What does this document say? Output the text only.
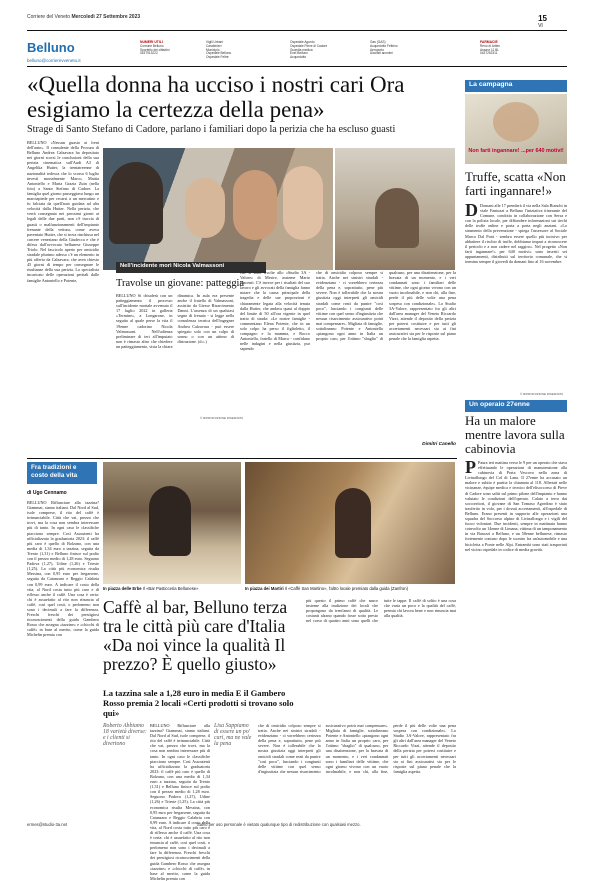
Corriere del Veneto Mercoledì 27 Settembre 2023	15
VI
Belluno
belluno@corrierevveneto.it
NUMERI UTILI
Comune Belluno
Sportello dei cittadini
0437913222
Vigili Urbani
Carabinieri
Municipio
Ospedale Belluno
Ospedale Feltre
Ospedale Agordo
Ospedale Pieve di Cadore
Guardia medica
Enel Belluno
Acquedotto
Gas (GAS)
Acquedotto Feltrino
Aeroporto
Alcolisti anonimi
FARMACIE
Reno di Artien
Aracne 11 BL
0437252311
«Quella donna ha ucciso i nostri cari Ora esigiamo la certezza della pena»
Strage di Santo Stefano di Cadore, parlano i familiari dopo la perizia che ha escluso guasti
BELLUNO «Nessun guasto ai freni dell'auto». Il consulente della Procura di Belluno Andrea Calzavara ha depositato nei giorni scorsi le conclusioni della sua perizia cinematica sull'Audi A3 di Angelika Hutter, la trentatreenne di nazionalità tedesca che lo scorso 6 luglio investì mortalmente Marco, Mattia Antoniello e Maria Grazia Zuin (nella foto) a Santo Stefano di Cadore. La famiglia quel giorno passeggiava lungo un marciapiede per recarsi a un mercatino e fu falciata da quell'auto guidata ad alta velocità dalla Hutter. Nella perizia, che verrà consegnata nei prossimi giorni ai legali delle due parti, non c'è traccia di guasti o malfunzionamenti dell'impianto frenante della vettura, come aveva paventato Hutter, che si trova rinchiusa nel carcere veneziano della Giudecca e che è difesa dall'avvocato bellunese Giuseppe Triolo. Nel fascicolo aperto per omicidio stradale plurimo adesso c'è un elemento in più offerto da Calzavara, che avea chiesto 45 giorni di tempo per consegnare le risultanze della sua perizia. Lo specialista incaricato delle operazioni peritali dalle famiglie Antoniello e Potente,
Nell'incidente morì Nicola Valmassoni
Travolse un giovane: patteggia
BELLUNO Si chiuderà con un patteggiamento il processo sull'incidente mortale avvenuto il 17 luglio 2022 in galleria «Termine», a Longarone, in seguito al quale perse la vita il 19enne cadorino Nicola Valmassoni. Nell'udienza preliminare di ieri all'imputato non è rimasto altro che chiedere un patteggiamento, vista la chiara dinamica. In aula era presente anche il fratello di Valmassoni, assistito da Giesse Risarcimento Danni. L'assenza di un qualsiasi segno di frenata - si legge nella consulenza tecnica dell'ingegner Andrea Calzavara - può essere spiegato solo con un colpo di sonno o con un attimo di distrazione. (d.c.)
© RIPRODUZIONE RISERVATA
che si sono rivolte allo «Studio 3A - Valore» di Mestre, assieme Mario Piacenti. C'è invece per i risultati del suo lavoro e gli avvocati della famiglia fanno notare che la causa principale della tragedia e delle sue proporzioni è chiaramente legata alla velocità tenuta dalla Hutter, che andava quasi al doppio del limite di 50 all'ora vigente in quel tratto di strada: «Le nostre famiglie - commentano Elena Potente, che in un solo colpo ha perso il figlioletto, il compagno e la mamma, e Rocco Antoniello, fratello di Marco - confidano nelle indagini e nella giustizia, pur sapendo
che di omicidio colposo sempre si tratta. Anche nei sinistri stradali - evidenziano - ci vorrebbero certezza della pena e, soprattutto, pene più severe. Non è tollerabile che la nostra giustizia oggi interpreti gli omicidi stradali come reati da punire "così poco", lasciando i congiunti delle vittime con quel senso d'ingiustizia che nessun risarcimento assicurativo potrà mai compensare». Migliaia di famiglie, sottolineano Potente e Antoniello «piangono ogni anno in Italia un proprio caro, per l'ottimo "sbaglio" di qualcuno, per una disattenzione, per la bravata di un momento, e i veri condannati sono i familiari delle vittime, che ogni giorno vivono con un vuoto incolmabile, e non chi, alla fine, perde il più delle volte una pena sospesa con condizionale». Lo Studio 3A-Valore, rappresentato fra gli altri dall'area manager del Veneto Riccardo Vizzi, attende il deposito della perizia per potersi costituire e per tutti gli accertamenti necessari sia ai fini assicurativi sia per le risposte sul piano penale che la famiglia aspetta.
Dimitri Canello
La campagna
Non farti ingannare! ...per 640 motivi!
Truffe, scatta «Non farti ingannare!»
D Domani alle 17 prenderà il via nella Sala Bianchi in viale Fantuzzi a Belluno l'iniziativa itinerante del Comune, condotta in collaborazione con Sersa e con la polizia locale, per diffondere informazioni sui tiechi delle truffe online e porta a porta negli anziani. «Lo strumento della prevenzione - spiega l'assessore al Sociale Marco Dal Pont - sembra essere quello più incisivo per abbattere il rischio di truffe, dobbiamo impari a riconoscere il pericolo e a non cadere nel raggiro». Nel progetto «Non farti ingannare!» per 640 motivi» sono inseriti sei appuntamenti, distribuiti sul territorio comunale, che si termina sempre il giovedì da domani fino al 16 novembre.
© RIPRODUZIONE RISERVATA
Un operaio 27enne
Ha un malore mentre lavora sulla cabinovia
P Paura ieri mattina verso le 9 per un operaio che stava effettuando le operazioni di manutenzione alla cabinovia di Porta Vescovo nella zona di Livinallongo del Col di Lana. Il 27enne ha accusato un malore e subito è partita la chiamata al 118. Allertati nelle vicinanze, équipe medica e tecnico dell'elisoccorso di Pieve di Cadore sono saliti sul primo pilone dell'impianto e hanno valutato le condizioni dell'operaio. Calato a terra dai soccorritori, il giovane di San Tomaso Agordino è stato trasferito in volo, per i dovuti accertamenti, all'ospedale di Belluno. Erano presenti in supporto alle operazioni una squadra del Soccorso alpino di Livinallongo e i vigili del fuoco volontari. Due incidenti, sempre in mattinata hanno coinvolto un 14enne di Limana, vittima di un tamponamento in via Barozzi a Belluno, e un 50enne bellunese, rimasto fortemente contuso dopo le scontro fra un'automobile e una bicicletta a Ponte nelle Alpi. Entrambi sono stati trasportati nel vicino ospedale in codice di media gravità.
Fra tradizioni e costo della vita
di Ugo Cennamo
BELLUNO Riflunciare alla tazzina? Giammai, siamo italiani. Dal Nord al Sud, isole comprese, il rito del caffè è irrinunciabile. Città che vai, prezzo che trovi, ma la cosa non sembra interessare più di tanto. In ogni caso le classifiche piacciono sempre. Così Assoutenti ha ufficializzato la graduatoria 2023: il caffè più caro è quello di Bolzano, con una media di 1,34 euro a tazzina, seguita da Trento (1,31) e Belluno finisce sul podio con il prezzo medio di 1,28 euro. Seguono Padova (1,27), Udine (1,26) e Trieste (1,25). La città più economica risulta Messina, con 0,95 euro per fregarsene, seguita da Catanzaro e Reggio Calabria con 0,99 euro. A indicare il costo della vita, al Nord costa tutto più caro e di riflesso anche il caffè. Una cosa è certa: chi è assuefatto al rito non rinuncia al caffè, così quel costi, o perlomeno non sono i decimali a fare la differenza. Freschi freschi dei prestigiosi riconoscimenti della guida Gambero Rosso che assegna «tazzine» e «chicchi di caffè» in base al merito, come la guida Michelin premia con
In piazza delle Erbe Il «Bar Pasticceria Bellunese»	In piazza dei Martiri Il «Caffè San Martino», l'altro locale premiato dalla guida (Zanfron)
Caffè al bar, Belluno terza tra le città più care d'Italia «Da noi vince la qualità Il prezzo? È quello giusto»
più questo il primo caffè che nasce insieme alla tradizione dei locali che propongono da trent'anni di qualità. Le costanti alzano quando fosse sotto presto nel corso di quattro anni sono quelli che tutte le tappe. Il caffè di solito è una cosa che varia un poco e la qualità del caffè, premia chi lavora bene e non rinuncia mai alla qualità.
La tazzina sale a 1,28 euro in media E il Gambero Rosso premia 2 locali «Certi prodotti si trovano solo qui»
Roberto Abbiamo 18 varietà diverse: e i clienti si divertono
BELLUNO Riflunciare alla tazzina? Giammai, siamo italiani. Dal Nord al Sud, isole comprese, il rito del caffè è irrinunciabile. Città che vai, prezzo che trovi, ma la cosa non sembra interessare più di tanto. In ogni caso le classifiche piacciono sempre. Così Assoutenti ha ufficializzato la graduatoria 2023: il caffè più caro è quello di Bolzano, con una media di 1,34 euro a tazzina, seguita da Trento (1,31) e Belluno finisce sul podio con il prezzo medio di 1,28 euro. Seguono Padova (1,27), Udine (1,26) e Trieste (1,25). La città più economica risulta Messina, con 0,95 euro per fregarsene, seguita da Catanzaro e Reggio Calabria con 0,99 euro. A indicare il costo della vita, al Nord costa tutto più caro e di riflesso anche il caffè. Una cosa è certa: chi è assuefatto al rito non rinuncia al caffè, così quel costi, o perlomeno non sono i decimali a fare la differenza. Freschi freschi dei prestigiosi riconoscimenti della guida Gambero Rosso che assegna «tazzine» e «chicchi di caffè» in base al merito, come la guida Michelin premia con
Lisa Sappiamo di essere un po' cari, ma ne vale la pena
che di omicidio colposo sempre si tratta. Anche nei sinistri stradali - evidenziano - ci vorrebbero certezza della pena e, soprattutto, pene più severe. Non è tollerabile che la nostra giustizia oggi interpreti gli omicidi stradali come reati da punire "così poco", lasciando i congiunti delle vittime con quel senso d'ingiustizia che nessun risarcimento assicurativo potrà mai compensare». Migliaia di famiglie, sottolineano Potente e Antoniello «piangono ogni anno in Italia un proprio caro, per l'ottimo "sbaglio" di qualcuno, per una disattenzione, per la bravata di un momento, e i veri condannati sono i familiari delle vittime, che ogni giorno vivono con un vuoto incolmabile, e non chi, alla fine, perde il più delle volte una pena sospesa con condizionale». Lo Studio 3A-Valore, rappresentato fra gli altri dall'area manager del Veneto Riccardo Vizzi, attende il deposito della perizia per potersi costituire e per tutti gli accertamenti necessari sia ai fini assicurativi sia per le risposte sul piano penale che la famiglia aspetta.
ermes@studio-3a.net	Salvo per uso personale è vietato qualunque tipo di redistribuzione con qualsiasi mezzo.
